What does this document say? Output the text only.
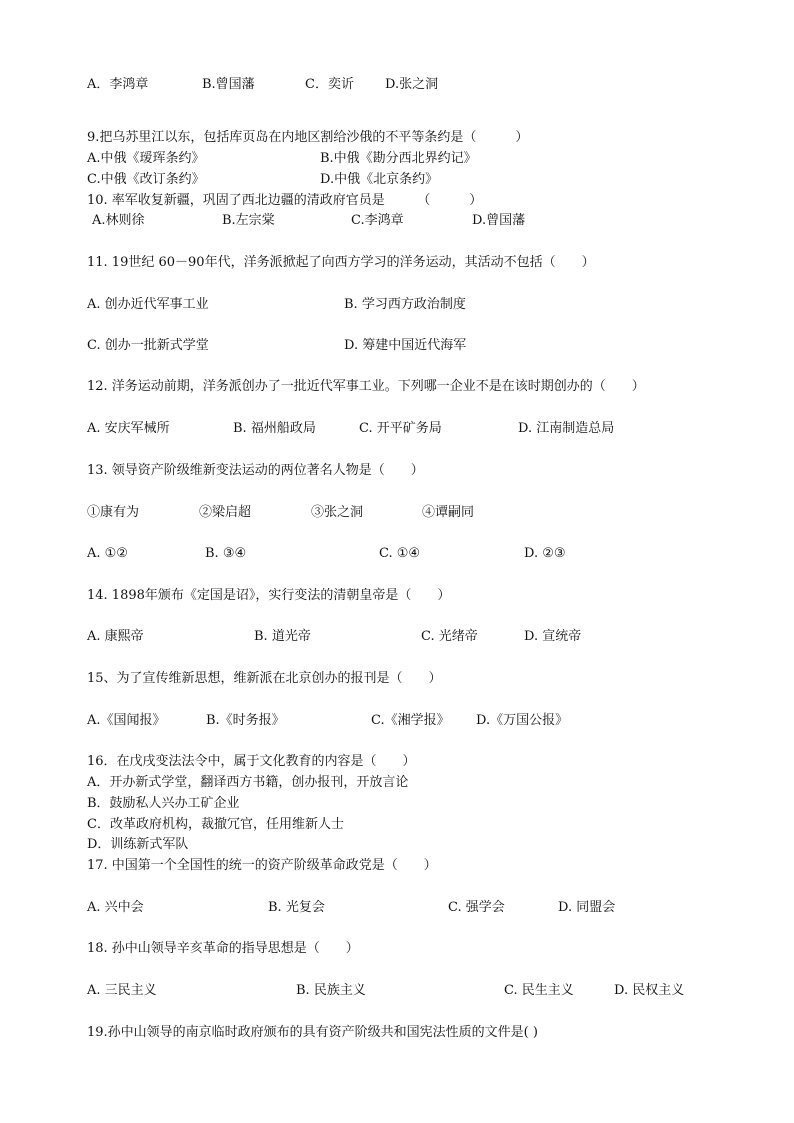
A．李鸿章	B.曾国藩	C．奕䜣 D.张之洞
9.把乌苏里江以东，包括库页岛在内地区割给沙俄的不平等条约是（　　　）
A.中俄《瑷珲条约》	B.中俄《勘分西北界约记》
C.中俄《改订条约》	D.中俄《北京条约》
10. 率军收复新疆，巩固了西北边疆的清政府官员是　　　（　　　）
A.林则徐	B.左宗棠	C.李鸿章	D.曾国藩
11. 19世纪 60－90年代，洋务派掀起了向西方学习的洋务运动，其活动不包括（　　）
A. 创办近代军事工业	B. 学习西方政治制度
C. 创办一批新式学堂	D. 筹建中国近代海军
12. 洋务运动前期，洋务派创办了一批近代军事工业。下列哪一企业不是在该时期创办的（　　）
A. 安庆军械所	B. 福州船政局	C. 开平矿务局	D. 江南制造总局
13. 领导资产阶级维新变法运动的两位著名人物是（　　）
①康有为	②梁启超	③张之洞	④谭嗣同
A. ①②	B. ③④	C. ①④	D. ②③
14. 1898年颁布《定国是诏》，实行变法的清朝皇帝是（　　）
A. 康熙帝	B. 道光帝	C. 光绪帝	D. 宣统帝
15、为了宣传维新思想，维新派在北京创办的报刊是（　　）
A.《国闻报》	B.《时务报》	C.《湘学报》 D.《万国公报》
16．在戊戌变法法令中，属于文化教育的内容是（　　）
A．开办新式学堂，翻译西方书籍，创办报刊，开放言论
B．鼓励私人兴办工矿企业
C．改革政府机构，裁撤冗官，任用维新人士
D．训练新式军队
17. 中国第一个全国性的统一的资产阶级革命政党是（　　）
A. 兴中会	B. 光复会	C. 强学会	D. 同盟会
18. 孙中山领导辛亥革命的指导思想是（　　）
A. 三民主义	B. 民族主义	C. 民生主义	D. 民权主义
19.孙中山领导的南京临时政府颁布的具有资产阶级共和国宪法性质的文件是( )
